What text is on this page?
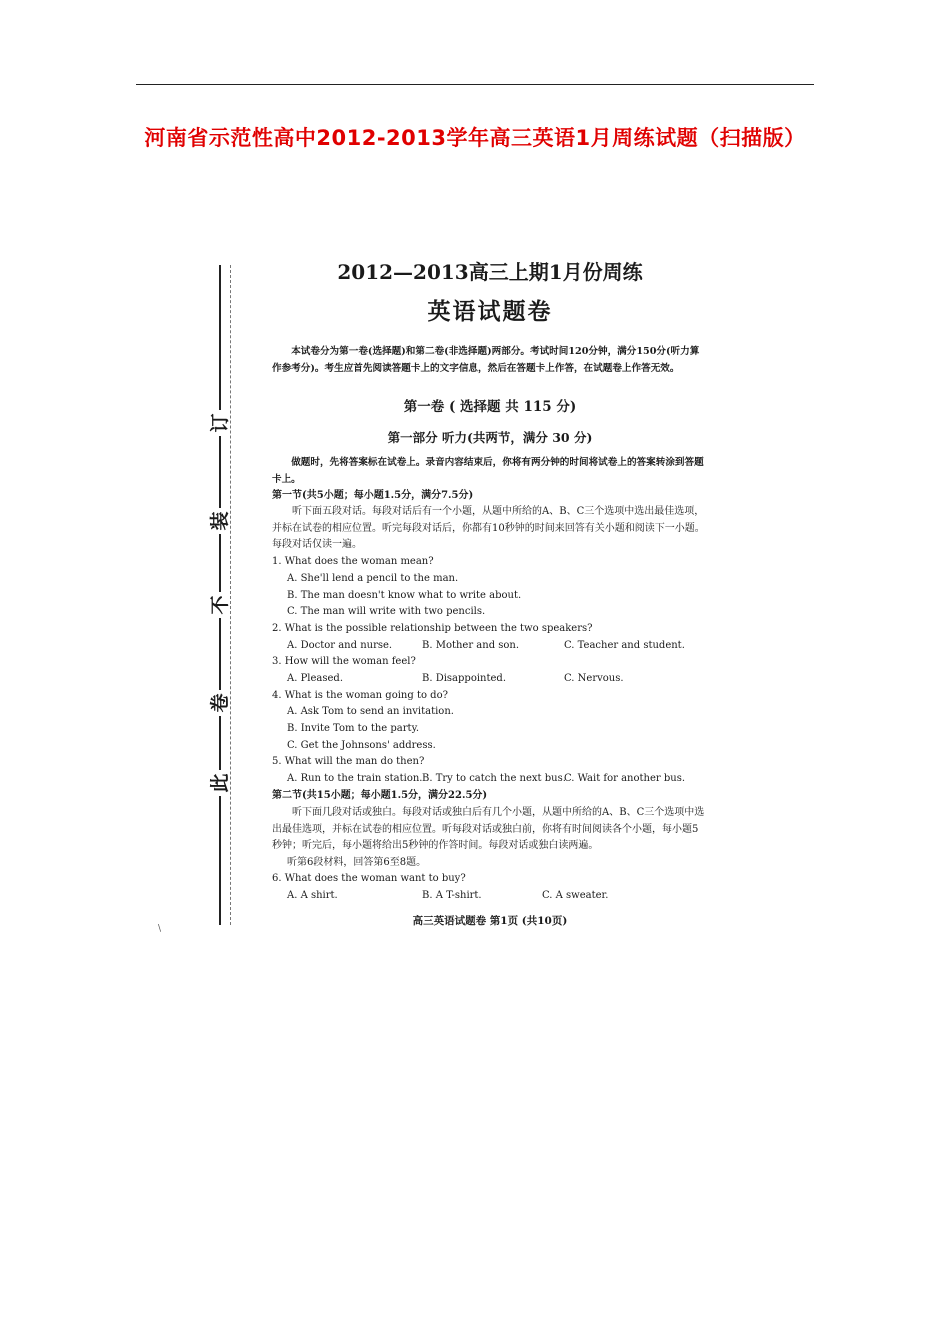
河南省示范性高中2012-2013学年高三英语1月周练试题（扫描版）
此
卷
不
装
订
2012—2013高三上期1月份周练
英语试题卷
本试卷分为第一卷(选择题)和第二卷(非选择题)两部分。考试时间120分钟，满分150分(听力算作参考分)。考生应首先阅读答题卡上的文字信息，然后在答题卡上作答，在试题卷上作答无效。
第一卷 ( 选择题 共 115 分)
第一部分 听力(共两节，满分 30 分)
做题时，先将答案标在试卷上。录音内容结束后，你将有两分钟的时间将试卷上的答案转涂到答题卡上。
第一节(共5小题；每小题1.5分，满分7.5分)
听下面五段对话。每段对话后有一个小题，从题中所给的A、B、C三个选项中选出最佳选项，并标在试卷的相应位置。听完每段对话后，你都有10秒钟的时间来回答有关小题和阅读下一小题。每段对话仅读一遍。
1. What does the woman mean?
A. She'll lend a pencil to the man.
B. The man doesn't know what to write about.
C. The man will write with two pencils.
2. What is the possible relationship between the two speakers?
A. Doctor and nurse.	B. Mother and son.	C. Teacher and student.
3. How will the woman feel?
A. Pleased.	B. Disappointed.	C. Nervous.
4. What is the woman going to do?
A. Ask Tom to send an invitation.
B. Invite Tom to the party.
C. Get the Johnsons' address.
5. What will the man do then?
A. Run to the train station. B. Try to catch the next bus.
C. Wait for another bus.
第二节(共15小题；每小题1.5分，满分22.5分)
听下面几段对话或独白。每段对话或独白后有几个小题，从题中所给的A、B、C三个选项中选出最佳选项，并标在试卷的相应位置。听每段对话或独白前，你将有时间阅读各个小题，每小题5秒钟；听完后，每小题将给出5秒钟的作答时间。每段对话或独白读两遍。
听第6段材料，回答第6至8题。
6. What does the woman want to buy?
A. A shirt.	B. A T-shirt.	C. A sweater.
高三英语试题卷 第1页 (共10页)
\
